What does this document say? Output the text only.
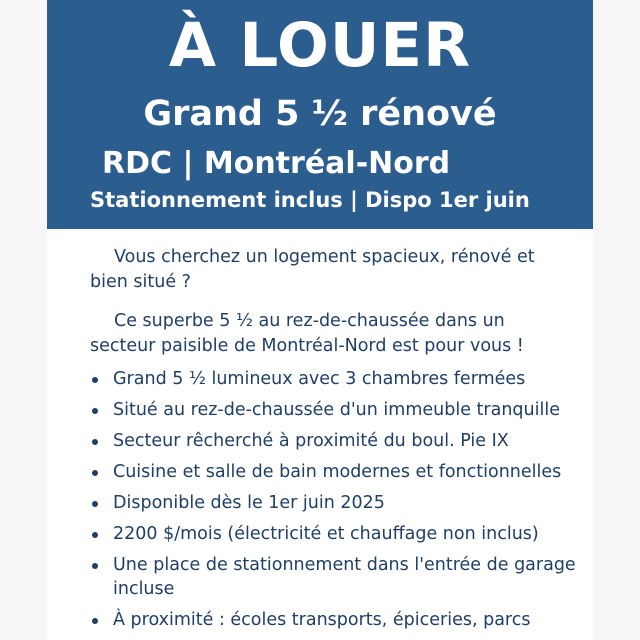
À LOUER
Grand 5 ½ rénové
RDC | Montréal-Nord
Stationnement inclus | Dispo 1er juin
Vous cherchez un logement spacieux, rénové et bien situé ?
Ce superbe 5 ½ au rez-de-chaussée dans un secteur paisible de Montréal-Nord est pour vous !
Grand 5 ½ lumineux avec 3 chambres fermées
Situé au rez-de-chaussée d'un immeuble tranquille
Secteur rêcherché à proximité du boul. Pie IX
Cuisine et salle de bain modernes et fonctionnelles
Disponible dès le 1er juin 2025
2200 $/mois (électricité et chauffage non inclus)
Une place de stationnement dans l'entrée de garage incluse
À proximité : écoles transports, épiceries, parcs
